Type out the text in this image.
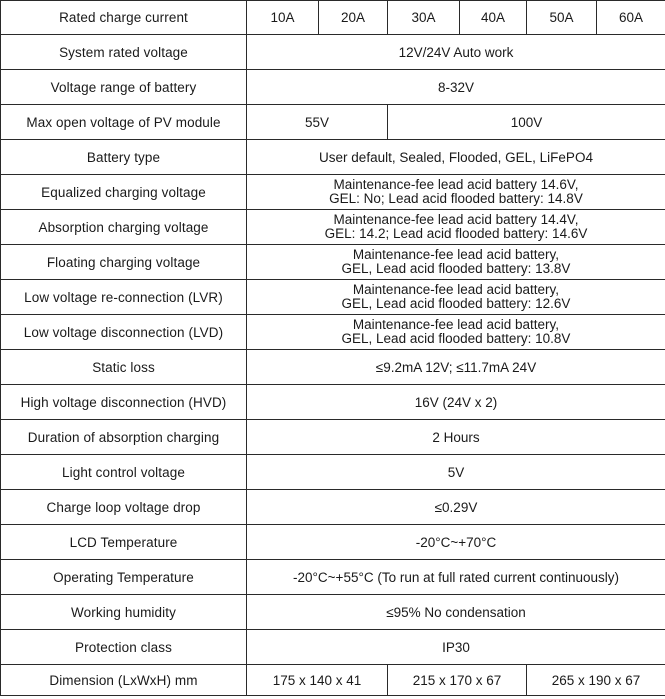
Rated charge current	10A	20A	30A	40A	50A	60A
System rated voltage	12V/24V Auto work					
Voltage range of battery	8-32V					
Max open voltage of PV module	55V		100V			
Battery type	User default, Sealed, Flooded, GEL, LiFePO4					
Equalized charging voltage	Maintenance-fee lead acid battery 14.6V,
GEL: No; Lead acid flooded battery: 14.8V					

Absorption charging voltage	Maintenance-fee lead acid battery 14.4V,
GEL: 14.2; Lead acid flooded battery: 14.6V					

Floating charging voltage	Maintenance-fee lead acid battery,
GEL, Lead acid flooded battery: 13.8V					

Low voltage re-connection (LVR)	Maintenance-fee lead acid battery,
GEL, Lead acid flooded battery: 12.6V					

Low voltage disconnection (LVD)	Maintenance-fee lead acid battery,
GEL, Lead acid flooded battery: 10.8V					

Static loss	≤9.2mA 12V; ≤11.7mA 24V					
High voltage disconnection (HVD)	16V (24V x 2)					
Duration of absorption charging	2 Hours					
Light control voltage	5V					
Charge loop voltage drop	≤0.29V					
LCD Temperature	-20°C~+70°C					
Operating Temperature	-20°C~+55°C (To run at full rated current continuously)					
Working humidity	≤95% No condensation					
Protection class	IP30					
Dimension (LxWxH) mm	175 x 140 x 41		215 x 170 x 67		265 x 190 x 67	
